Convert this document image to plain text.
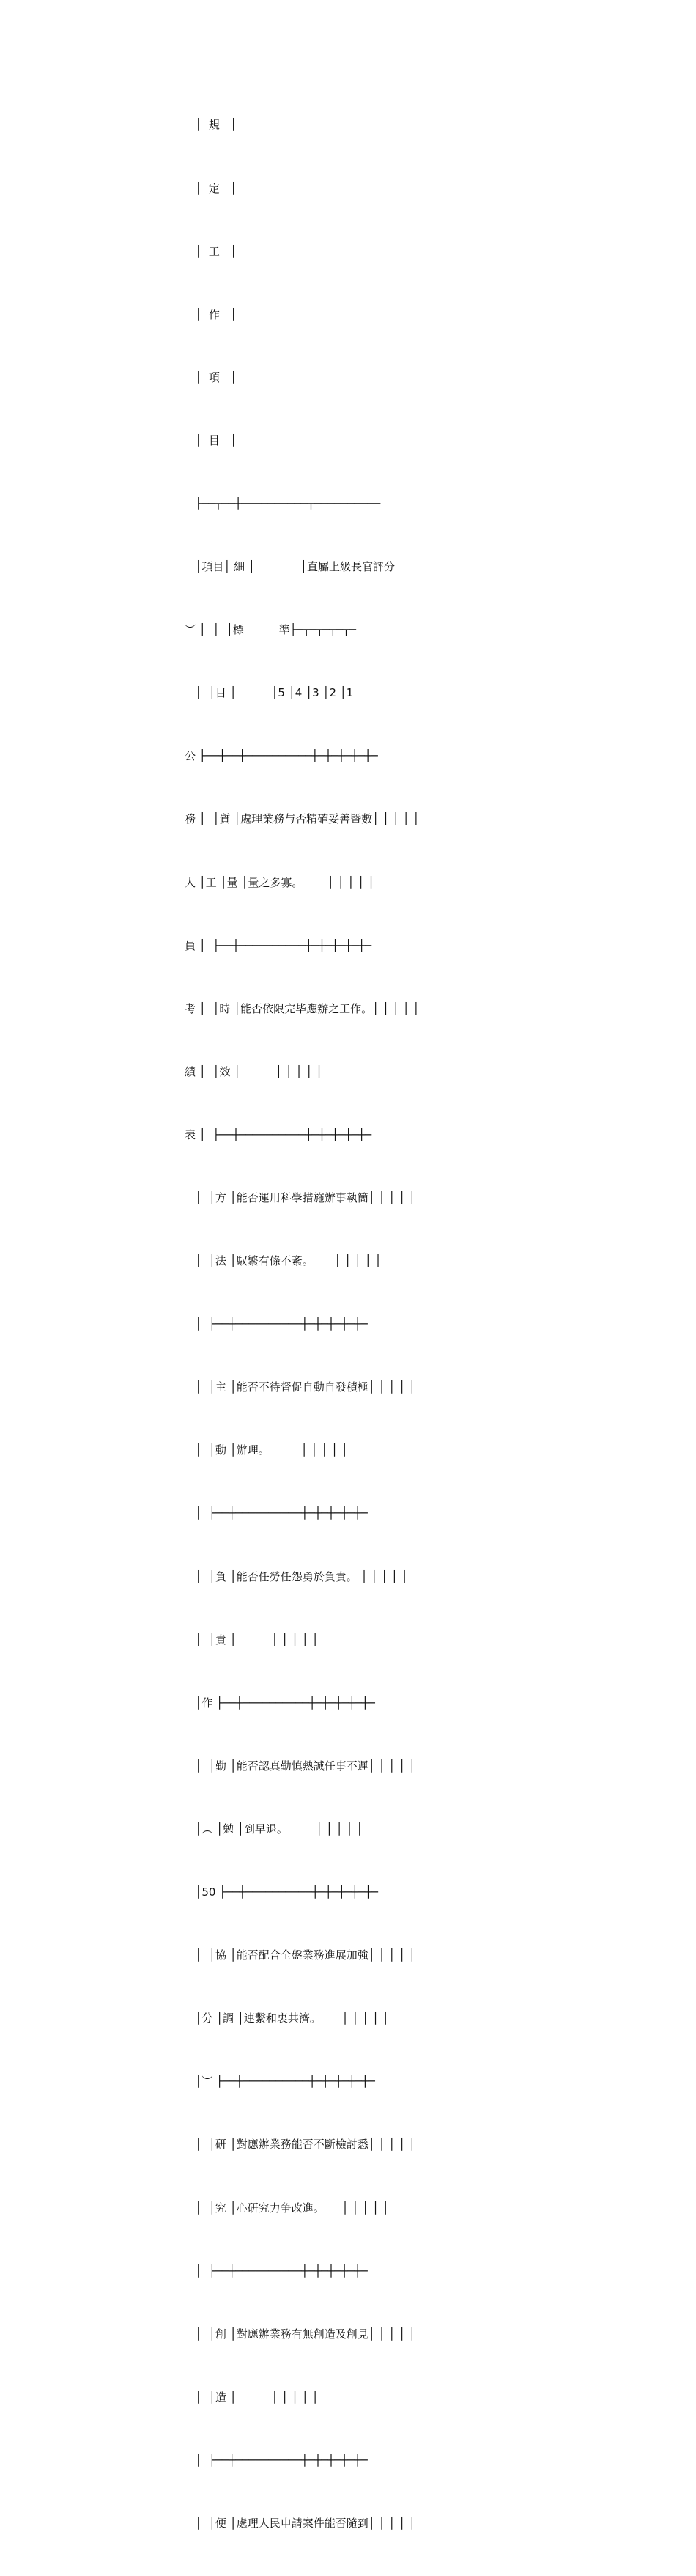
│  規   │

│  定   │

│  工   │

│  作   │

│  項   │

│  目   │

├──┬──┼──────────┬──────────

│項目│ 細 │             │直屬上級長官評分

︶ │  │  │標          準├─┬─┬─┬─┬─

│  │目 │          │5 │4 │3 │2 │1

公 ├──┼──┼──────────┼─┼─┼─┼─┼─

務 │  │質 │處理業務与否精確妥善暨數│ │ │ │ │

人 │工 │量 │量之多寡。       │ │ │ │ │

員 │  ├──┼──────────┼─┼─┼─┼─┼─

考 │  │時 │能否依限完毕應辦之工作。│ │ │ │ │

績 │  │效 │          │ │ │ │ │

表 │  ├──┼──────────┼─┼─┼─┼─┼─

│  │方 │能否運用科學措施辦事執簡│ │ │ │ │

│  │法 │馭繁有條不紊。      │ │ │ │ │

│  ├──┼──────────┼─┼─┼─┼─┼─

│  │主 │能否不待督促自動自發積極│ │ │ │ │

│  │動 │辦理。         │ │ │ │ │

│  ├──┼──────────┼─┼─┼─┼─┼─

│  │負 │能否任勞任怨勇於負責。 │ │ │ │ │

│  │責 │          │ │ │ │ │

│作 ├──┼──────────┼─┼─┼─┼─┼─

│  │勤 │能否認真勤慎熱誠任事不遲│ │ │ │ │

│︵ │勉 │到早退。        │ │ │ │ │

│50 ├──┼──────────┼─┼─┼─┼─┼─

│  │協 │能否配合全盤業務進展加強│ │ │ │ │

│分 │調 │連繫和衷共濟。      │ │ │ │ │

│︶ ├──┼──────────┼─┼─┼─┼─┼─

│  │研 │對應辦業務能否不斷檢討悉│ │ │ │ │

│  │究 │心研究力争改進。     │ │ │ │ │

│  ├──┼──────────┼─┼─┼─┼─┼─

│  │創 │對應辦業務有無創造及創見│ │ │ │ │

│  │造 │          │ │ │ │ │

│  ├──┼──────────┼─┼─┼─┼─┼─

│  │便 │處理人民申請案件能否隨到│ │ │ │ │
